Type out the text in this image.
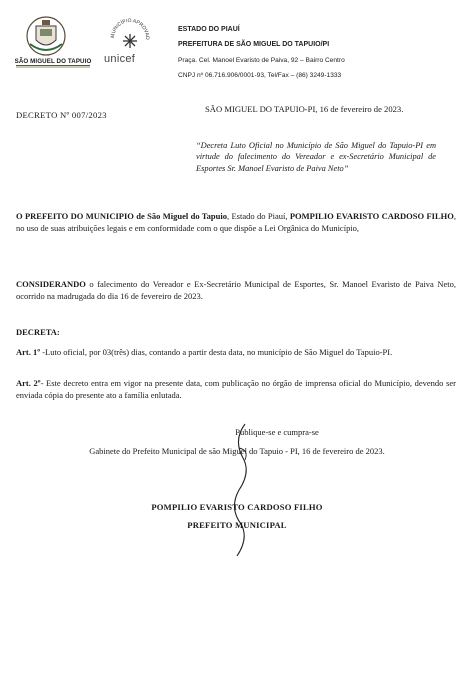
SÃO MIGUEL DO TAPUIO
MUNICÍPIO APROVAD
unicef
ESTADO DO PIAUÍ
PREFEITURA DE SÃO MIGUEL DO TAPUIO/PI
Praça. Cel. Manoel Evaristo de Paiva, 92 – Bairro Centro
CNPJ nº 06.716.906/0001-93, Tel/Fax – (86) 3249-1333
DECRETO Nº 007/2023
SÃO MIGUEL DO TAPUIO-PI, 16 de fevereiro de 2023.
“Decreta Luto Oficial no Município de São Miguel do Tapuio-PI em virtude do falecimento do Vereador e ex-Secretário Municipal de Esportes Sr. Manoel Evaristo de Paiva Neto”
O PREFEITO DO MUNICIPIO de São Miguel do Tapuio, Estado do Piauí, POMPILIO EVARISTO CARDOSO FILHO, no uso de suas atribuições legais e em conformidade com o que dispõe a Lei Orgânica do Município,
CONSIDERANDO o falecimento do Vereador e Ex-Secretário Municipal de Esportes, Sr. Manoel Evaristo de Paiva Neto, ocorrido na madrugada do dia 16 de fevereiro de 2023.
DECRETA:
Art. 1º -Luto oficial, por 03(três) dias, contando a partir desta data, no município de São Miguel do Tapuio-PI.
Art. 2º- Este decreto entra em vigor na presente data, com publicação no órgão de imprensa oficial do Município, devendo ser enviada cópia do presente ato a família enlutada.
Publique-se e cumpra-se
Gabinete do Prefeito Municipal de são Miguel do Tapuio - PI, 16 de fevereiro de 2023.
POMPILIO EVARISTO CARDOSO FILHO
PREFEITO MUNICIPAL
